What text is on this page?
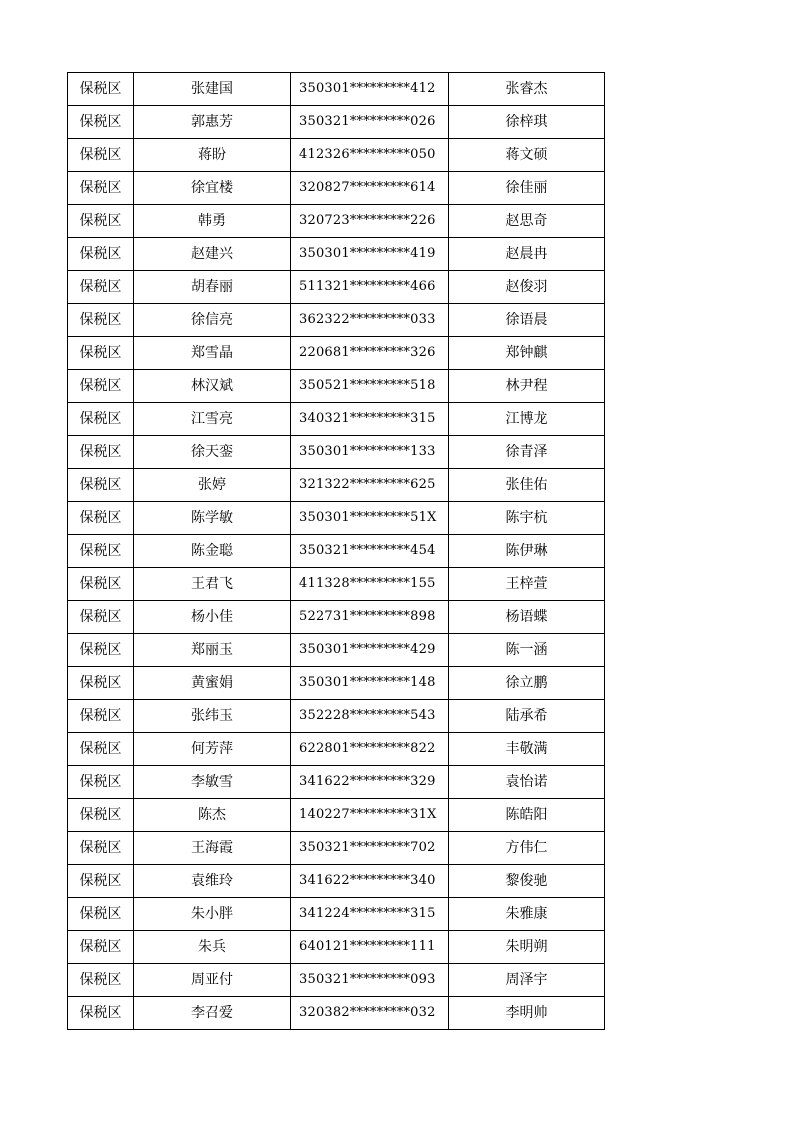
保税区	张建国	350301*********412	张睿杰
保税区	郭惠芳	350321*********026	徐梓琪
保税区	蒋盼	412326*********050	蒋文硕
保税区	徐宜楼	320827*********614	徐佳丽
保税区	韩勇	320723*********226	赵思奇
保税区	赵建兴	350301*********419	赵晨冉
保税区	胡春丽	511321*********466	赵俊羽
保税区	徐信亮	362322*********033	徐语晨
保税区	郑雪晶	220681*********326	郑钟麒
保税区	林汉斌	350521*********518	林尹程
保税区	江雪亮	340321*********315	江博龙
保税区	徐天銮	350301*********133	徐青泽
保税区	张婷	321322*********625	张佳佑
保税区	陈学敏	350301*********51X	陈宇杭
保税区	陈金聪	350321*********454	陈伊琳
保税区	王君飞	411328*********155	王梓萱
保税区	杨小佳	522731*********898	杨语蝶
保税区	郑丽玉	350301*********429	陈一涵
保税区	黄蜜娟	350301*********148	徐立鹏
保税区	张纬玉	352228*********543	陆承希
保税区	何芳萍	622801*********822	丰敬满
保税区	李敏雪	341622*********329	袁怡诺
保税区	陈杰	140227*********31X	陈皓阳
保税区	王海霞	350321*********702	方伟仁
保税区	袁维玲	341622*********340	黎俊驰
保税区	朱小胖	341224*********315	朱雅康
保税区	朱兵	640121*********111	朱明朔
保税区	周亚付	350321*********093	周泽宇
保税区	李召爱	320382*********032	李明帅
